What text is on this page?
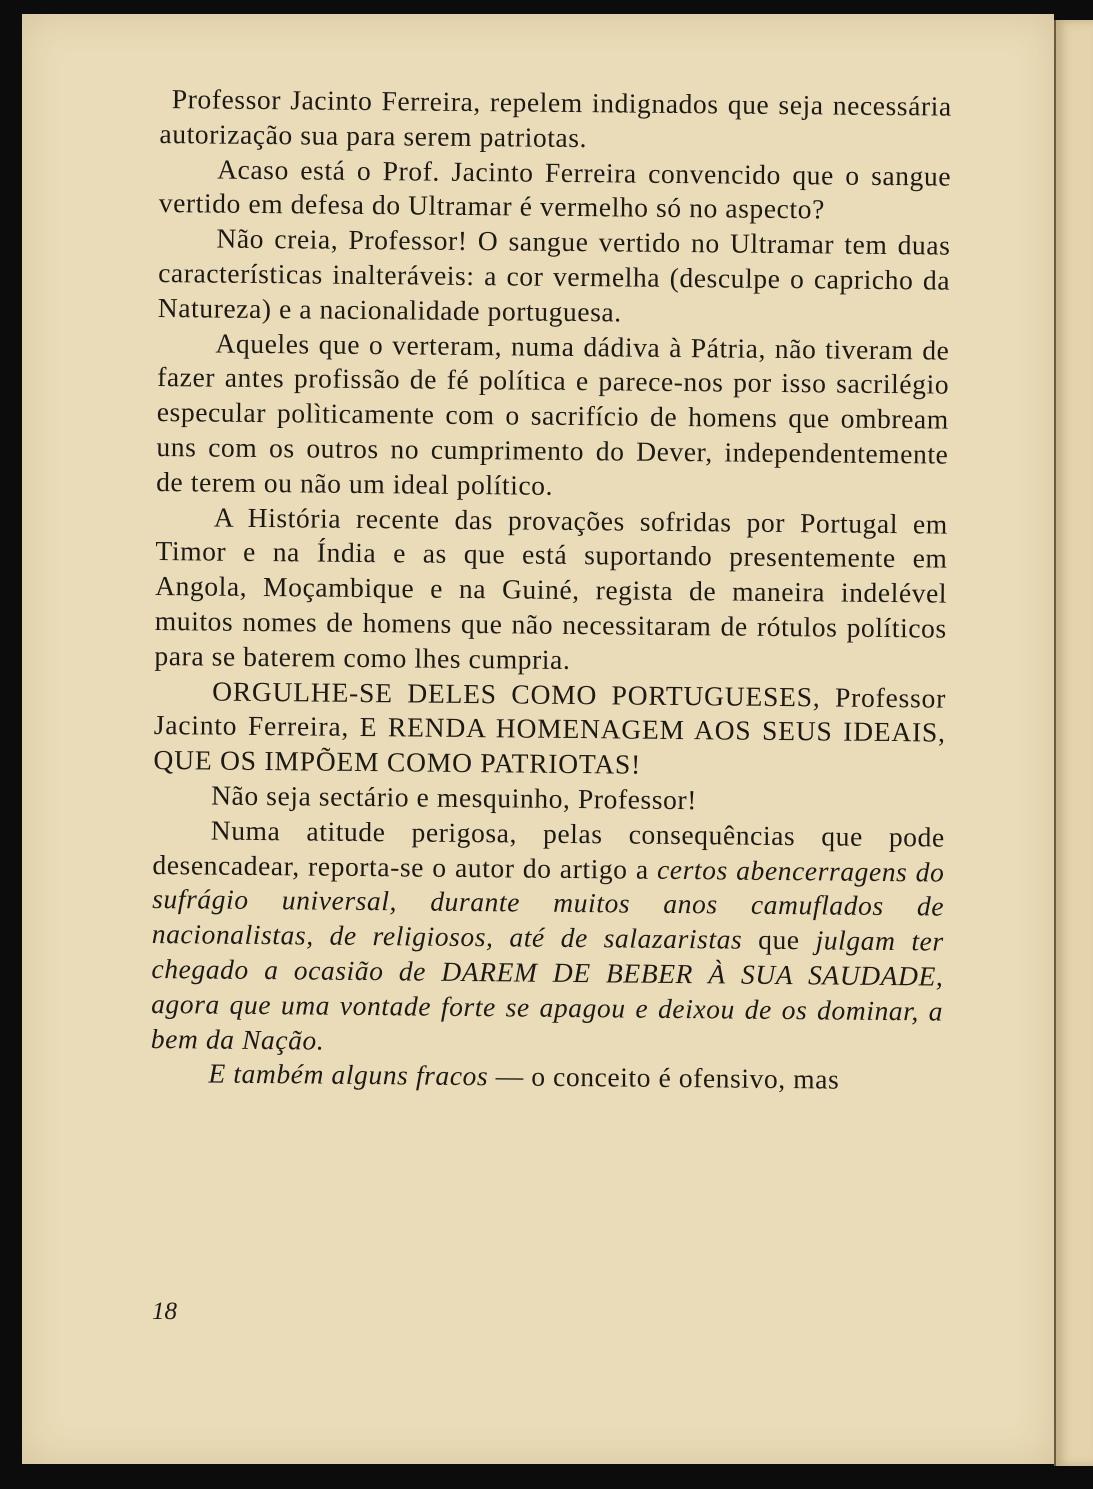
Professor Jacinto Ferreira, repelem indignados que seja necessária autorização sua para serem patriotas.

Acaso está o Prof. Jacinto Ferreira convencido que o sangue vertido em defesa do Ultramar é vermelho só no aspecto?

Não creia, Professor! O sangue vertido no Ultramar tem duas características inalteráveis: a cor vermelha (desculpe o capricho da Natureza) e a nacionalidade portuguesa.

Aqueles que o verteram, numa dádiva à Pátria, não tiveram de fazer antes profissão de fé política e parece-nos por isso sacrilégio especular polìticamente com o sacrifício de homens que ombream uns com os outros no cumprimento do Dever, independentemente de terem ou não um ideal político.

A História recente das provações sofridas por Portugal em Timor e na Índia e as que está suportando presentemente em Angola, Moçambique e na Guiné, regista de maneira indelével muitos nomes de homens que não necessitaram de rótulos políticos para se baterem como lhes cumpria.

ORGULHE-SE DELES COMO PORTUGUESES, Professor Jacinto Ferreira, E RENDA HOMENAGEM AOS SEUS IDEAIS, QUE OS IMPÕEM COMO PATRIOTAS!

Não seja sectário e mesquinho, Professor!

Numa atitude perigosa, pelas consequências que pode desencadear, reporta-se o autor do artigo a certos abencerragens do sufrágio universal, durante muitos anos camuflados de nacionalistas, de religiosos, até de salazaristas que julgam ter chegado a ocasião de DAREM DE BEBER À SUA SAUDADE, agora que uma vontade forte se apagou e deixou de os dominar, a bem da Nação.

E também alguns fracos — o conceito é ofensivo, mas

18
